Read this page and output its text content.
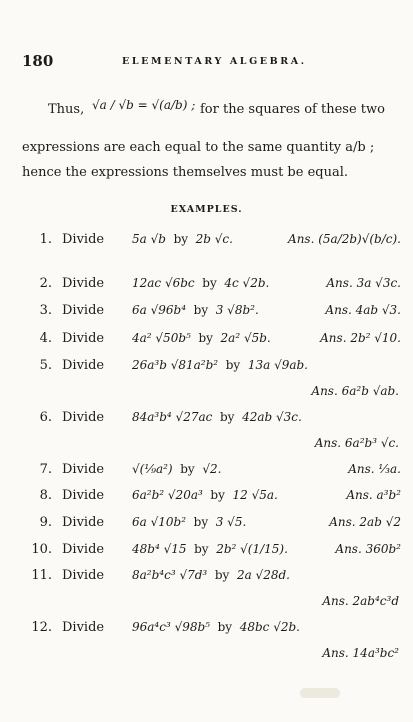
180	ELEMENTARY ALGEBRA.
Thus, √a / √b = √(a/b) ; for the squares of these two
expressions are each equal to the same quantity a/b ;
hence the expressions themselves must be equal.
EXAMPLES.
1. Divide 5a √b  by  2b √c.	Ans. (5a/2b)√(b/c).
2. Divide 12ac √6bc  by  4c √2b.	Ans. 3a √3c.
3. Divide 6a √96b⁴  by  3 √8b².	Ans. 4ab √3.
4. Divide 4a² √50b⁵  by  2a² √5b.	Ans. 2b² √10.
5. Divide 26a³b √81a²b²  by  13a √9ab.
Ans. 6a²b √ab.
6. Divide 84a³b⁴ √27ac  by  42ab √3c.
Ans. 6a²b³ √c.
7. Divide √(⅑a²)  by  √2.	Ans. ⅓a.
8. Divide 6a²b² √20a³  by  12 √5a.	Ans. a³b²
9. Divide 6a √10b²  by  3 √5.	Ans. 2ab √2
10. Divide 48b⁴ √15  by  2b² √(1/15).	Ans. 360b²
11. Divide 8a²b⁴c³ √7d³  by  2a √28d.
Ans. 2ab⁴c³d
12. Divide 96a⁴c³ √98b⁵  by  48bc √2b.
Ans. 14a³bc²
